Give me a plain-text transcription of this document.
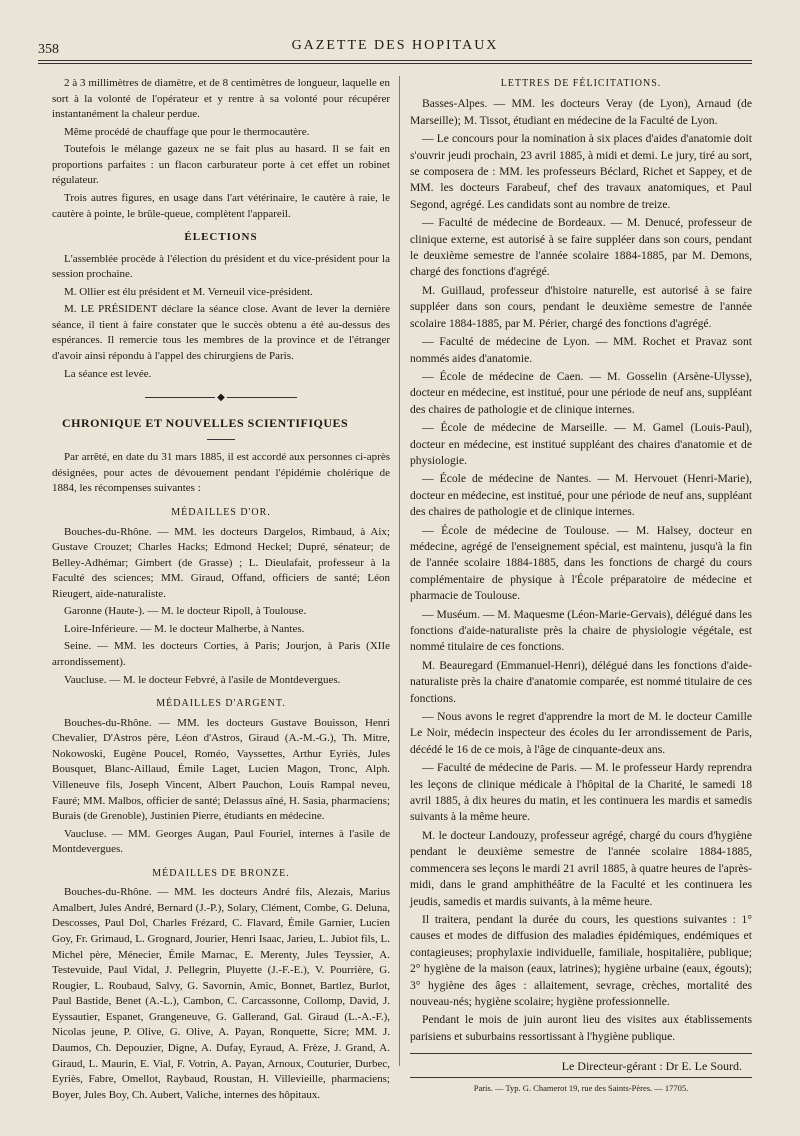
358	GAZETTE DES HOPITAUX

2 à 3 millimètres de diamètre, et de 8 centimètres de longueur, laquelle en sort à la volonté de l'opérateur et y rentre à sa volonté pour récupérer instantanément la chaleur perdue.

Même procédé de chauffage que pour le thermocautère.

Toutefois le mélange gazeux ne se fait plus au hasard. Il se fait en proportions parfaites : un flacon carburateur porte à cet effet un robinet régulateur.

Trois autres figures, en usage dans l'art vétérinaire, le cautère à raie, le cautère à pointe, le brûle-queue, complètent l'appareil.

ÉLECTIONS

L'assemblée procède à l'élection du président et du vice-président pour la session prochaine.

M. Ollier est élu président et M. Verneuil vice-président.

M. LE PRÉSIDENT déclare la séance close. Avant de lever la dernière séance, il tient à faire constater que le succès obtenu a été au-dessus des espérances. Il remercie tous les membres de la province et de l'étranger d'avoir ainsi répondu à l'appel des chirurgiens de Paris.

La séance est levée.

◆

CHRONIQUE ET NOUVELLES SCIENTIFIQUES

Par arrêté, en date du 31 mars 1885, il est accordé aux personnes ci-après désignées, pour actes de dévouement pendant l'épidémie cholérique de 1884, les récompenses suivantes :

MÉDAILLES D'OR.

Bouches-du-Rhône. — MM. les docteurs Dargelos, Rimbaud, à Aix; Gustave Crouzet; Charles Hacks; Edmond Heckel; Dupré, sénateur; de Belley-Adhémar; Gimbert (de Grasse) ; L. Dieulafait, professeur à la Faculté des sciences; MM. Giraud, Offand, officiers de santé; Léon Rieugert, aide-naturaliste.

Garonne (Haute-). — M. le docteur Ripoll, à Toulouse.

Loire-Inférieure. — M. le docteur Malherbe, à Nantes.

Seine. — MM. les docteurs Corties, à Paris; Jourjon, à Paris (XIIe arrondissement).

Vaucluse. — M. le docteur Febvré, à l'asile de Montdevergues.

MÉDAILLES D'ARGENT.

Bouches-du-Rhône. — MM. les docteurs Gustave Bouisson, Henri Chevalier, D'Astros père, Léon d'Astros, Giraud (A.-M.-G.), Th. Mitre, Nokowoski, Eugène Poucel, Roméo, Vayssettes, Arthur Eyriès, Jules Bousquet, Blanc-Aillaud, Émile Laget, Lucien Magon, Tronc, Alph. Villeneuve fils, Joseph Vincent, Albert Pauchon, Louis Rampal neveu, Fauré; MM. Malbos, officier de santé; Delassus aîné, H. Sasia, pharmaciens; Burais (de Grenoble), Justinien Pierre, étudiants en médecine.

Vaucluse. — MM. Georges Augan, Paul Fouriel, internes à l'asile de Montdevergues.

MÉDAILLES DE BRONZE.

Bouches-du-Rhône. — MM. les docteurs André fils, Alezais, Marius Amalbert, Jules André, Bernard (J.-P.), Solary, Clément, Combe, G. Deluna, Descosses, Paul Dol, Charles Frézard, C. Flavard, Émile Garnier, Lucien Goy, Fr. Grimaud, L. Grognard, Jourier, Henri Isaac, Jarieu, L. Jubiot fils, L. Michel père, Ménecier, Émile Marnac, E. Merenty, Jules Teyssier, A. Testevuide, Paul Vidal, J. Pellegrin, Pluyette (J.-F.-E.), V. Pourrière, G. Rougier, L. Roubaud, Salvy, G. Savornin, Amic, Bonnet, Bartlez, Burlot, Paul Bastide, Benet (A.-L.), Cambon, C. Carcassonne, Collomp, David, J. Eyssautier, Espanet, Grangeneuve, G. Gallerand, Gal. Giraud (L.-A.-F.), Nicolas jeune, P. Olive, G. Olive, A. Payan, Ronquette, Sicre; MM. J. Daumos, Ch. Depouzier, Digne, A. Dufay, Eyraud, A. Frèze, J. Grand, A. Giraud, L. Maurin, E. Vial, F. Votrin, A. Payan, Arnoux, Couturier, Durbec, Eyriès, Fabre, Omellot, Raybaud, Roustan, H. Villevieille, pharmaciens; Boyer, Jules Boy, Ch. Aubert, Valiche, internes des hôpitaux.

LETTRES DE FÉLICITATIONS.

Basses-Alpes. — MM. les docteurs Veray (de Lyon), Arnaud (de Marseille); M. Tissot, étudiant en médecine de la Faculté de Lyon.

— Le concours pour la nomination à six places d'aides d'anatomie doit s'ouvrir jeudi prochain, 23 avril 1885, à midi et demi. Le jury, tiré au sort, se composera de : MM. les professeurs Béclard, Richet et Sappey, et de MM. les docteurs Farabeuf, chef des travaux anatomiques, et Paul Segond, agrégé. Les candidats sont au nombre de treize.

— Faculté de médecine de Bordeaux. — M. Denucé, professeur de clinique externe, est autorisé à se faire suppléer dans son cours, pendant le deuxième semestre de l'année scolaire 1884-1885, par M. Demons, chargé des fonctions d'agrégé.

M. Guillaud, professeur d'histoire naturelle, est autorisé à se faire suppléer dans son cours, pendant le deuxième semestre de l'année scolaire 1884-1885, par M. Périer, chargé des fonctions d'agrégé.

— Faculté de médecine de Lyon. — MM. Rochet et Pravaz sont nommés aides d'anatomie.

— École de médecine de Caen. — M. Gosselin (Arsène-Ulysse), docteur en médecine, est institué, pour une période de neuf ans, suppléant des chaires de pathologie et de clinique internes.

— École de médecine de Marseille. — M. Gamel (Louis-Paul), docteur en médecine, est institué suppléant des chaires d'anatomie et de physiologie.

— École de médecine de Nantes. — M. Hervouet (Henri-Marie), docteur en médecine, est institué, pour une période de neuf ans, suppléant des chaires de pathologie et de clinique internes.

— École de médecine de Toulouse. — M. Halsey, docteur en médecine, agrégé de l'enseignement spécial, est maintenu, jusqu'à la fin de l'année scolaire 1884-1885, dans les fonctions de chargé du cours complémentaire de physique à l'École préparatoire de médecine et pharmacie de Toulouse.

— Muséum. — M. Maquesme (Léon-Marie-Gervais), délégué dans les fonctions d'aide-naturaliste près la chaire de physiologie végétale, est nommé titulaire de ces fonctions.

M. Beauregard (Emmanuel-Henri), délégué dans les fonctions d'aide-naturaliste près la chaire d'anatomie comparée, est nommé titulaire de ces fonctions.

— Nous avons le regret d'apprendre la mort de M. le docteur Camille Le Noir, médecin inspecteur des écoles du Ier arrondissement de Paris, décédé le 16 de ce mois, à l'âge de cinquante-deux ans.

— Faculté de médecine de Paris. — M. le professeur Hardy reprendra les leçons de clinique médicale à l'hôpital de la Charité, le samedi 18 avril 1885, à dix heures du matin, et les continuera les mardis et samedis suivants à la même heure.

M. le docteur Landouzy, professeur agrégé, chargé du cours d'hygiène pendant le deuxième semestre de l'année scolaire 1884-1885, commencera ses leçons le mardi 21 avril 1885, à quatre heures de l'après-midi, dans le grand amphithéâtre de la Faculté et les continuera les jeudis, samedis et mardis suivants, à la même heure.

Il traitera, pendant la durée du cours, les questions suivantes : 1° causes et modes de diffusion des maladies épidémiques, endémiques et contagieuses; prophylaxie individuelle, familiale, hospitalière, publique; 2° hygiène de la maison (eaux, latrines); hygiène urbaine (eaux, égouts); 3° hygiène des âges : allaitement, sevrage, crèches, mortalité des nouveau-nés; hygiène scolaire; hygiène professionnelle.

Pendant le mois de juin auront lieu des visites aux établissements parisiens et suburbains ressortissant à l'hygiène publique.

Le Directeur-gérant : Dr E. Le Sourd.

Paris. — Typ. G. Chamerot 19, rue des Saints-Pères. — 17705.
